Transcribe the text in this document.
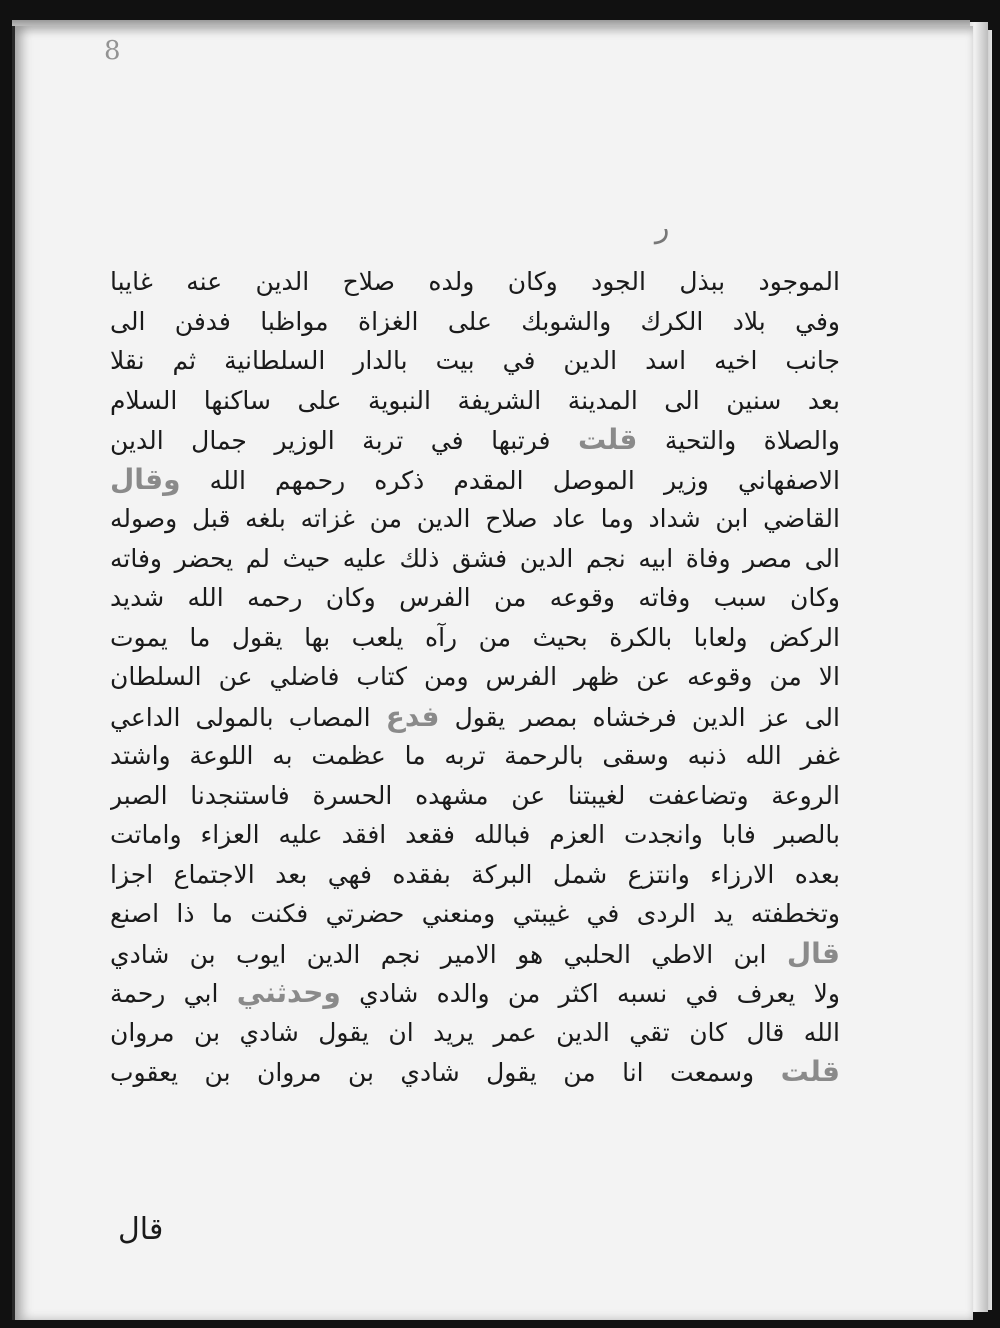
8
ر
الموجود ببذل الجود وكان ولده صلاح الدين عنه غايبا
وفي بلاد الكرك والشوبك على الغزاة مواظبا فدفن الى
جانب اخيه اسد الدين في بيت بالدار السلطانية ثم نقلا
بعد سنين الى المدينة الشريفة النبوية على ساكنها السلام
والصلاة والتحية قلت فرتبها في تربة الوزير جمال الدين
الاصفهاني وزير الموصل المقدم ذكره رحمهم الله وقال
القاضي ابن شداد وما عاد صلاح الدين من غزاته بلغه قبل وصوله
الى مصر وفاة ابيه نجم الدين فشق ذلك عليه حيث لم يحضر وفاته
وكان سبب وفاته وقوعه من الفرس وكان رحمه الله شديد
الركض ولعابا بالكرة بحيث من رآه يلعب بها يقول ما يموت
الا من وقوعه عن ظهر الفرس ومن كتاب فاضلي عن السلطان
الى عز الدين فرخشاه بمصر يقول فدع المصاب بالمولى الداعي
غفر الله ذنبه وسقى بالرحمة تربه ما عظمت به اللوعة واشتد
الروعة وتضاعفت لغيبتنا عن مشهده الحسرة فاستنجدنا الصبر
بالصبر فابا وانجدت العزم فبالله فقعد افقد عليه العزاء واماتت
بعده الارزاء وانتزع شمل البركة بفقده فهي بعد الاجتماع اجزا
وتخطفته يد الردى في غيبتي ومنعني حضرتي فكنت ما ذا اصنع
قال ابن الاطي الحلبي هو الامير نجم الدين ايوب بن شادي
ولا يعرف في نسبه اكثر من والده شادي وحدثني ابي رحمة
الله قال كان تقي الدين عمر يريد ان يقول شادي بن مروان
قلت وسمعت انا من يقول شادي بن مروان بن يعقوب
قال
